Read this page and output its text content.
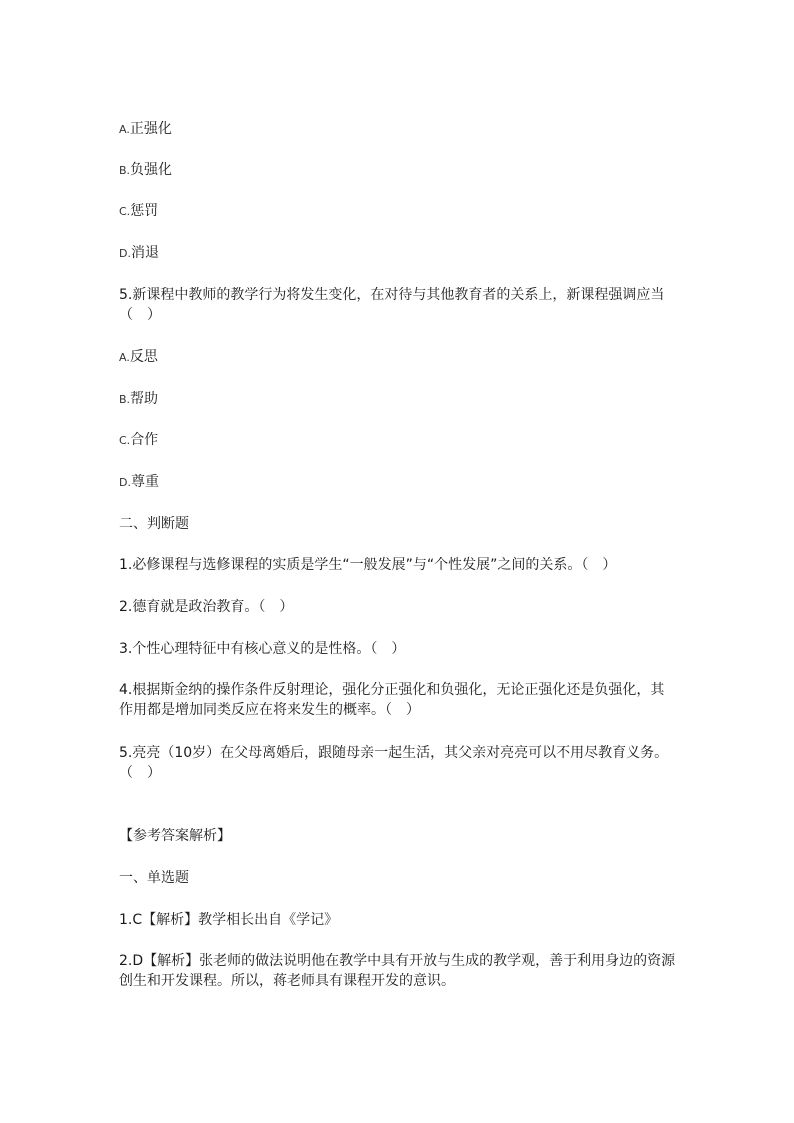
A.正强化
B.负强化
C.惩罚
D.消退
5.新课程中教师的教学行为将发生变化，在对待与其他教育者的关系上，新课程强调应当（　）
A.反思
B.帮助
C.合作
D.尊重
二、判断题
1.必修课程与选修课程的实质是学生“一般发展”与“个性发展”之间的关系。（　）
2.德育就是政治教育。（　）
3.个性心理特征中有核心意义的是性格。（　）
4.根据斯金纳的操作条件反射理论，强化分正强化和负强化，无论正强化还是负强化，其作用都是增加同类反应在将来发生的概率。（　）
5.亮亮（10岁）在父母离婚后，跟随母亲一起生活，其父亲对亮亮可以不用尽教育义务。（　）
【参考答案解析】
一、单选题
1.C【解析】教学相长出自《学记》
2.D【解析】张老师的做法说明他在教学中具有开放与生成的教学观，善于利用身边的资源创生和开发课程。所以，蒋老师具有课程开发的意识。
